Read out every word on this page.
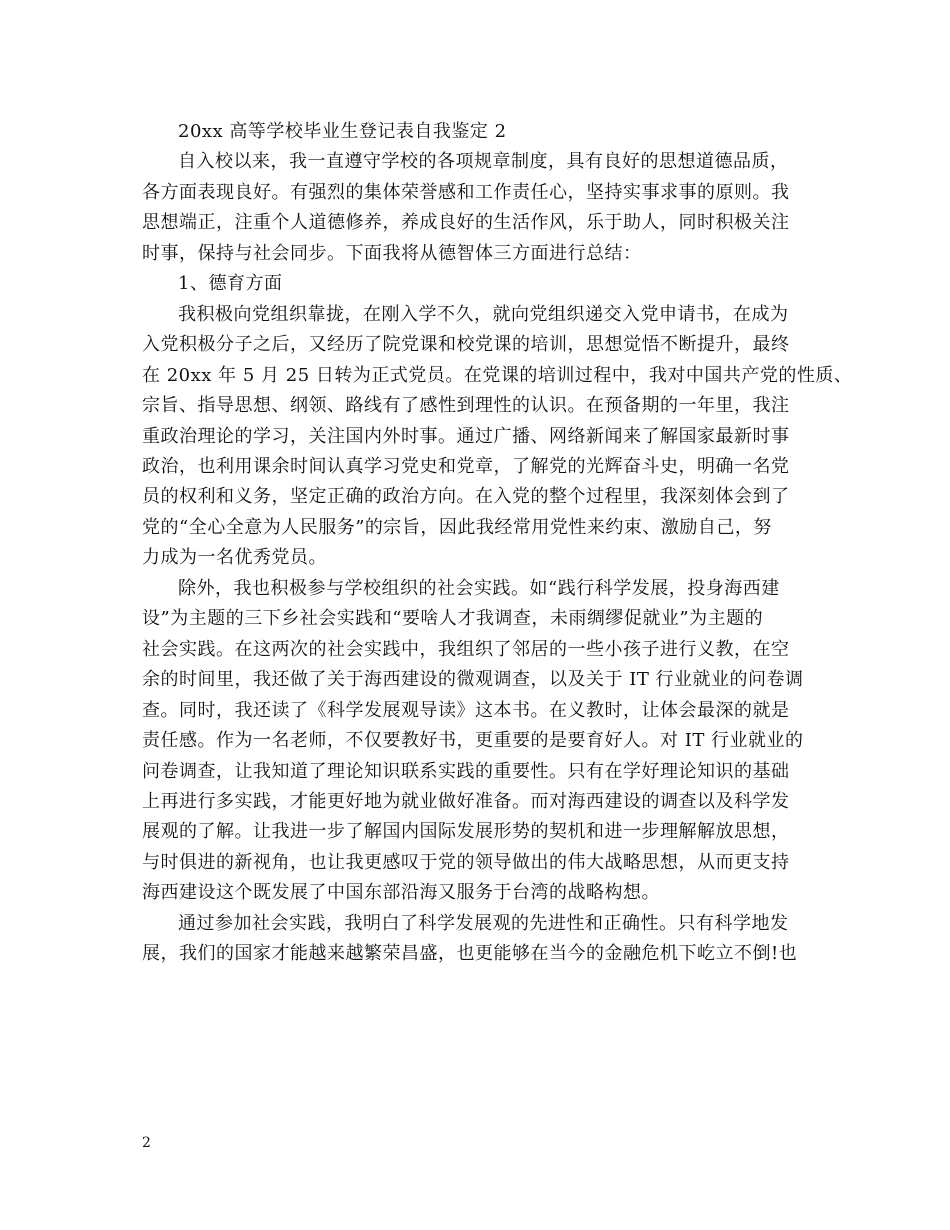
20xx 高等学校毕业生登记表自我鉴定 2
自入校以来，我一直遵守学校的各项规章制度，具有良好的思想道德品质，
各方面表现良好。有强烈的集体荣誉感和工作责任心，坚持实事求事的原则。我
思想端正，注重个人道德修养，养成良好的生活作风，乐于助人，同时积极关注
时事，保持与社会同步。下面我将从德智体三方面进行总结：
1、德育方面
我积极向党组织靠拢，在刚入学不久，就向党组织递交入党申请书，在成为
入党积极分子之后，又经历了院党课和校党课的培训，思想觉悟不断提升，最终
在 20xx 年 5 月 25 日转为正式党员。在党课的培训过程中，我对中国共产党的性质、
宗旨、指导思想、纲领、路线有了感性到理性的认识。在预备期的一年里，我注
重政治理论的学习，关注国内外时事。通过广播、网络新闻来了解国家最新时事
政治，也利用课余时间认真学习党史和党章，了解党的光辉奋斗史，明确一名党
员的权利和义务，坚定正确的政治方向。在入党的整个过程里，我深刻体会到了
党的“全心全意为人民服务”的宗旨，因此我经常用党性来约束、激励自己，努
力成为一名优秀党员。
除外，我也积极参与学校组织的社会实践。如“践行科学发展，投身海西建
设”为主题的三下乡社会实践和“要啥人才我调查，未雨绸缪促就业”为主题的
社会实践。在这两次的社会实践中，我组织了邻居的一些小孩子进行义教，在空
余的时间里，我还做了关于海西建设的微观调查，以及关于 IT 行业就业的问卷调
查。同时，我还读了《科学发展观导读》这本书。在义教时，让体会最深的就是
责任感。作为一名老师，不仅要教好书，更重要的是要育好人。对 IT 行业就业的
问卷调查，让我知道了理论知识联系实践的重要性。只有在学好理论知识的基础
上再进行多实践，才能更好地为就业做好准备。而对海西建设的调查以及科学发
展观的了解。让我进一步了解国内国际发展形势的契机和进一步理解解放思想，
与时俱进的新视角，也让我更感叹于党的领导做出的伟大战略思想，从而更支持
海西建设这个既发展了中国东部沿海又服务于台湾的战略构想。
通过参加社会实践，我明白了科学发展观的先进性和正确性。只有科学地发
展，我们的国家才能越来越繁荣昌盛，也更能够在当今的金融危机下屹立不倒!也
2
